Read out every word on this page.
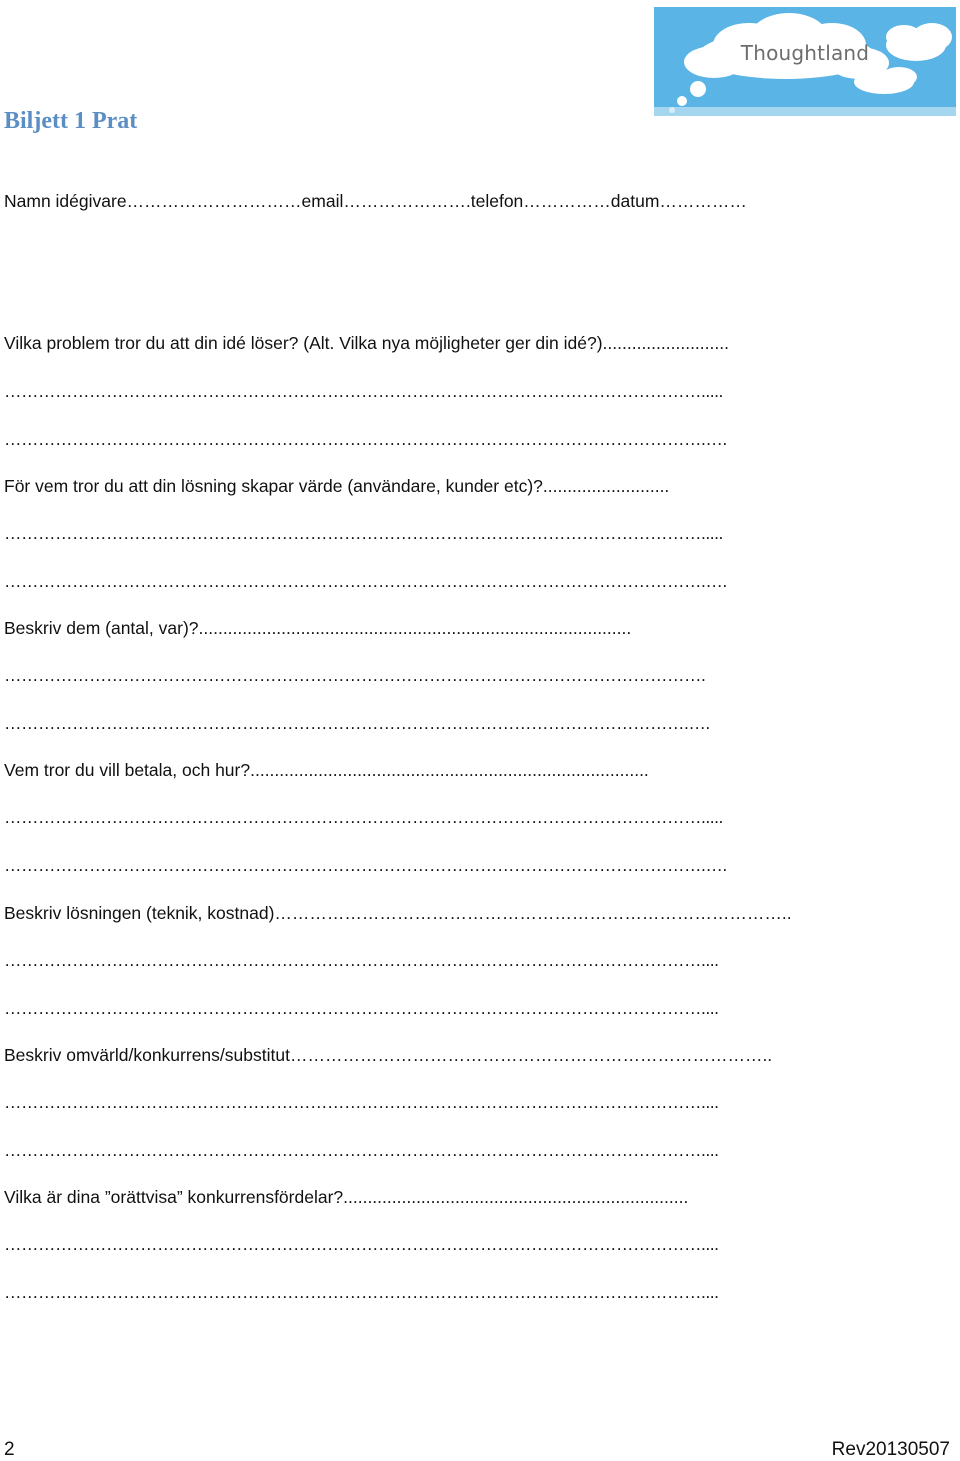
Thoughtland
Biljett 1 Prat
Namn idégivare…………………………email………………….telefon……………datum……………
Vilka problem tror du att din idé löser? (Alt. Vilka nya möjligheter ger din idé?)..........................
…………………………………………………………………………………………………………….....
…………………………………………………………………………………………………………….….
För vem tror du att din lösning skapar värde (användare, kunder etc)?..........................
…………………………………………………………………………………………………………….....
…………………………………………………………………………………………………………….….
Beskriv dem (antal, var)?.........................................................................................
…………………………………………………………………………………………………………….
………………………………………………………………………………………………………….….
Vem tror du vill betala, och hur?..................................................................................
…………………………………………………………………………………………………………….....
…………………………………………………………………………………………………………….….
Beskriv lösningen (teknik, kostnad)……………………………………………………………………………..
……………………………………………………………………………………………………………....
……………………………………………………………………………………………………………....
Beskriv omvärld/konkurrens/substitut………………………………………………………………………..
……………………………………………………………………………………………………………....
……………………………………………………………………………………………………………....
Vilka är dina ”orättvisa” konkurrensfördelar?.......................................................................
……………………………………………………………………………………………………………....
……………………………………………………………………………………………………………....
2	Rev20130507
